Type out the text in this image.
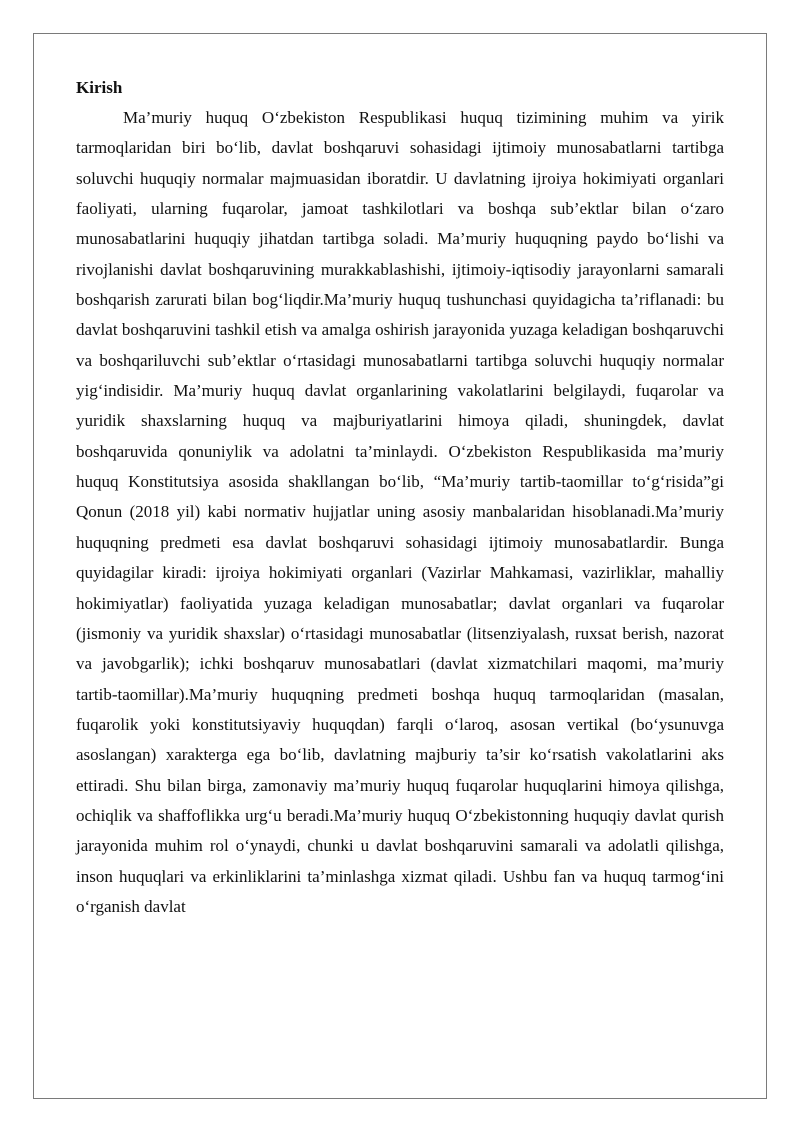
Kirish

Ma’muriy huquq O‘zbekiston Respublikasi huquq tizimining muhim va yirik tarmoqlaridan biri bo‘lib, davlat boshqaruvi sohasidagi ijtimoiy munosabatlarni tartibga soluvchi huquqiy normalar majmuasidan iboratdir. U davlatning ijroiya hokimiyati organlari faoliyati, ularning fuqarolar, jamoat tashkilotlari va boshqa sub’ektlar bilan o‘zaro munosabatlarini huquqiy jihatdan tartibga soladi. Ma’muriy huquqning paydo bo‘lishi va rivojlanishi davlat boshqaruvining murakkablashishi, ijtimoiy-iqtisodiy jarayonlarni samarali boshqarish zarurati bilan bog‘liqdir.Ma’muriy huquq tushunchasi quyidagicha ta’riflanadi: bu davlat boshqaruvini tashkil etish va amalga oshirish jarayonida yuzaga keladigan boshqaruvchi va boshqariluvchi sub’ektlar o‘rtasidagi munosabatlarni tartibga soluvchi huquqiy normalar yig‘indisidir. Ma’muriy huquq davlat organlarining vakolatlarini belgilaydi, fuqarolar va yuridik shaxslarning huquq va majburiyatlarini himoya qiladi, shuningdek, davlat boshqaruvida qonuniylik va adolatni ta’minlaydi. O‘zbekiston Respublikasida ma’muriy huquq Konstitutsiya asosida shakllangan bo‘lib, “Ma’muriy tartib-taomillar to‘g‘risida”gi Qonun (2018 yil) kabi normativ hujjatlar uning asosiy manbalaridan hisoblanadi.Ma’muriy huquqning predmeti esa davlat boshqaruvi sohasidagi ijtimoiy munosabatlardir. Bunga quyidagilar kiradi: ijroiya hokimiyati organlari (Vazirlar Mahkamasi, vazirliklar, mahalliy hokimiyatlar) faoliyatida yuzaga keladigan munosabatlar; davlat organlari va fuqarolar (jismoniy va yuridik shaxslar) o‘rtasidagi munosabatlar (litsenziyalash, ruxsat berish, nazorat va javobgarlik); ichki boshqaruv munosabatlari (davlat xizmatchilari maqomi, ma’muriy tartib-taomillar).Ma’muriy huquqning predmeti boshqa huquq tarmoqlaridan (masalan, fuqarolik yoki konstitutsiyaviy huquqdan) farqli o‘laroq, asosan vertikal (bo‘ysunuvga asoslangan) xarakterga ega bo‘lib, davlatning majburiy ta’sir ko‘rsatish vakolatlarini aks ettiradi. Shu bilan birga, zamonaviy ma’muriy huquq fuqarolar huquqlarini himoya qilishga, ochiqlik va shaffoflikka urg‘u beradi.Ma’muriy huquq O‘zbekistonning huquqiy davlat qurish jarayonida muhim rol o‘ynaydi, chunki u davlat boshqaruvini samarali va adolatli qilishga, inson huquqlari va erkinliklarini ta’minlashga xizmat qiladi. Ushbu fan va huquq tarmog‘ini o‘rganish davlat
